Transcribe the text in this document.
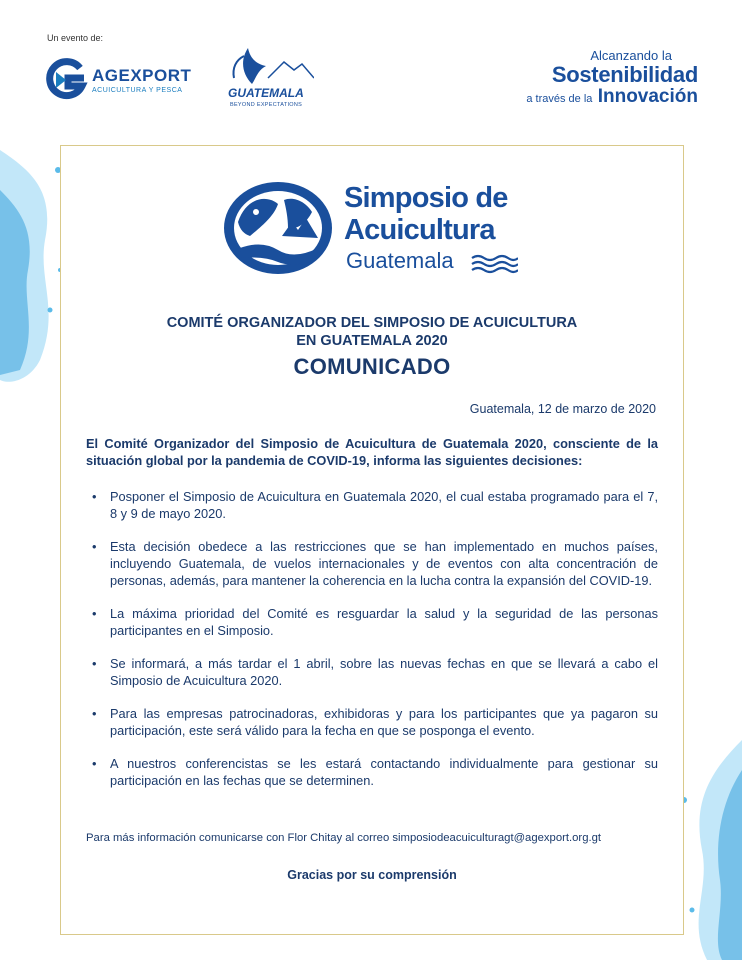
Un evento de:
AGEXPORT
ACUICULTURA Y PESCA	GUATEMALA
BEYOND EXPECTATIONS
Alcanzando la
Sostenibilidad
a través de la Innovación
Simposio de
Acuicultura
Guatemala
COMITÉ ORGANIZADOR DEL SIMPOSIO DE ACUICULTURA
EN GUATEMALA 2020
COMUNICADO
Guatemala, 12 de marzo de 2020
El Comité Organizador del Simposio de Acuicultura de Guatemala 2020, consciente de la situación global por la pandemia de COVID-19, informa las siguientes decisiones:
• Posponer el Simposio de Acuicultura en Guatemala 2020, el cual estaba programado para el 7, 8 y 9 de mayo 2020.
• Esta decisión obedece a las restricciones que se han implementado en muchos países, incluyendo Guatemala, de vuelos internacionales y de eventos con alta concentración de personas, además, para mantener la coherencia en la lucha contra la expansión del COVID-19.
• La máxima prioridad del Comité es resguardar la salud y la seguridad de las personas participantes en el Simposio.
• Se informará, a más tardar el 1 abril, sobre las nuevas fechas en que se llevará a cabo el Simposio de Acuicultura 2020.
• Para las empresas patrocinadoras, exhibidoras y para los participantes que ya pagaron su participación, este será válido para la fecha en que se posponga el evento.
• A nuestros conferencistas se les estará contactando individualmente para gestionar su participación en las fechas que se determinen.
Para más información comunicarse con Flor Chitay al correo simposiodeacuiculturagt@agexport.org.gt
Gracias por su comprensión
